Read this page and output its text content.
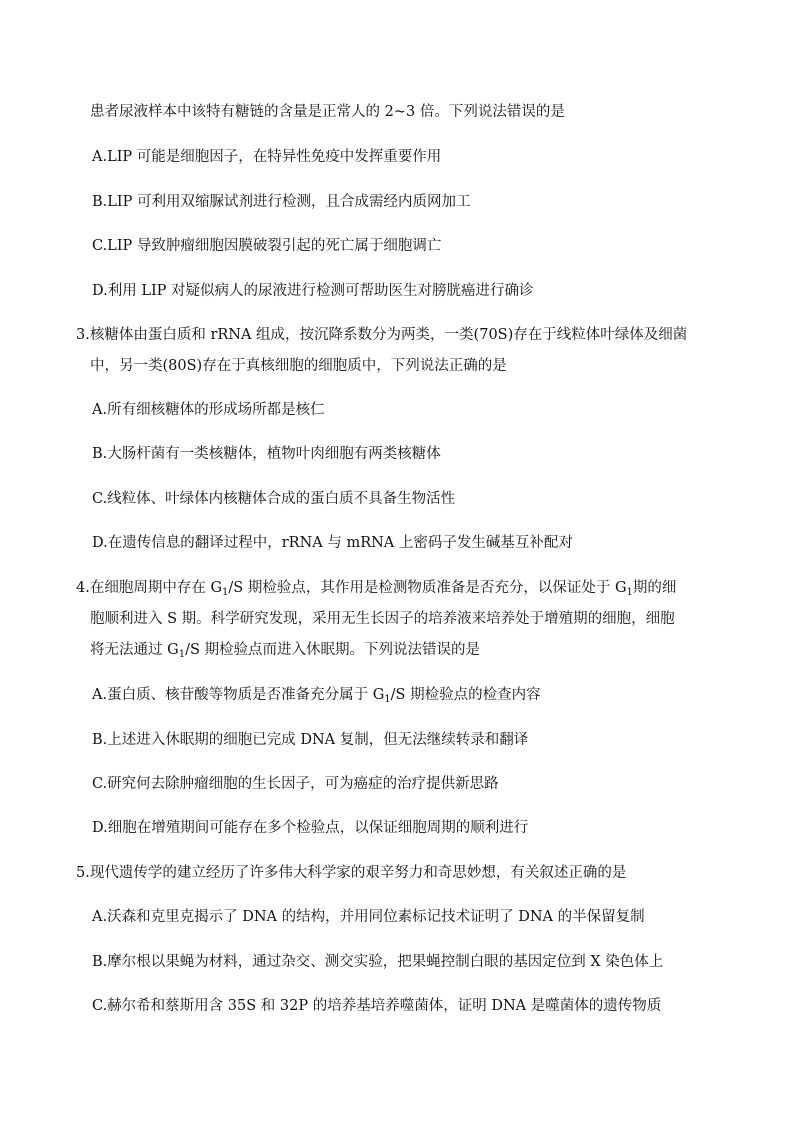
患者尿液样本中该特有糖链的含量是正常人的 2~3 倍。下列说法错误的是
A.LIP 可能是细胞因子，在特异性免疫中发挥重要作用
B.LIP 可利用双缩脲试剂进行检测，且合成需经内质网加工
C.LIP 导致肿瘤细胞因膜破裂引起的死亡属于细胞调亡
D.利用 LIP 对疑似病人的尿液进行检测可帮助医生对膀胱癌进行确诊
3.核糖体由蛋白质和 rRNA 组成，按沉降系数分为两类，一类(70S)存在于线粒体叶绿体及细菌
中，另一类(80S)存在于真核细胞的细胞质中，下列说法正确的是
A.所有细核糖体的形成场所都是核仁
B.大肠杆菌有一类核糖体，植物叶肉细胞有两类核糖体
C.线粒体、叶绿体内核糖体合成的蛋白质不具备生物活性
D.在遗传信息的翻译过程中，rRNA 与 mRNA 上密码子发生碱基互补配对
4.在细胞周期中存在 $G_1/S$ 期检验点，其作用是检测物质准备是否充分，以保证处于 $G_1$期的细
胞顺利进入 S 期。科学研究发现，采用无生长因子的培养液来培养处于增殖期的细胞，细胞
将无法通过 $G_1/S$ 期检验点而进入休眠期。下列说法错误的是
A.蛋白质、核苷酸等物质是否准备充分属于 $G_1/S$ 期检验点的检查内容
B.上述进入休眠期的细胞已完成 DNA 复制，但无法继续转录和翻译
C.研究何去除肿瘤细胞的生长因子，可为癌症的治疗提供新思路
D.细胞在增殖期间可能存在多个检验点，以保证细胞周期的顺利进行
5.现代遗传学的建立经历了许多伟大科学家的艰辛努力和奇思妙想，有关叙述正确的是
A.沃森和克里克揭示了 DNA 的结构，并用同位素标记技术证明了 DNA 的半保留复制
B.摩尔根以果蝇为材料，通过杂交、测交实验，把果蝇控制白眼的基因定位到 X 染色体上
C.赫尔希和蔡斯用含 35S 和 32P 的培养基培养噬菌体，证明 DNA 是噬菌体的遗传物质
